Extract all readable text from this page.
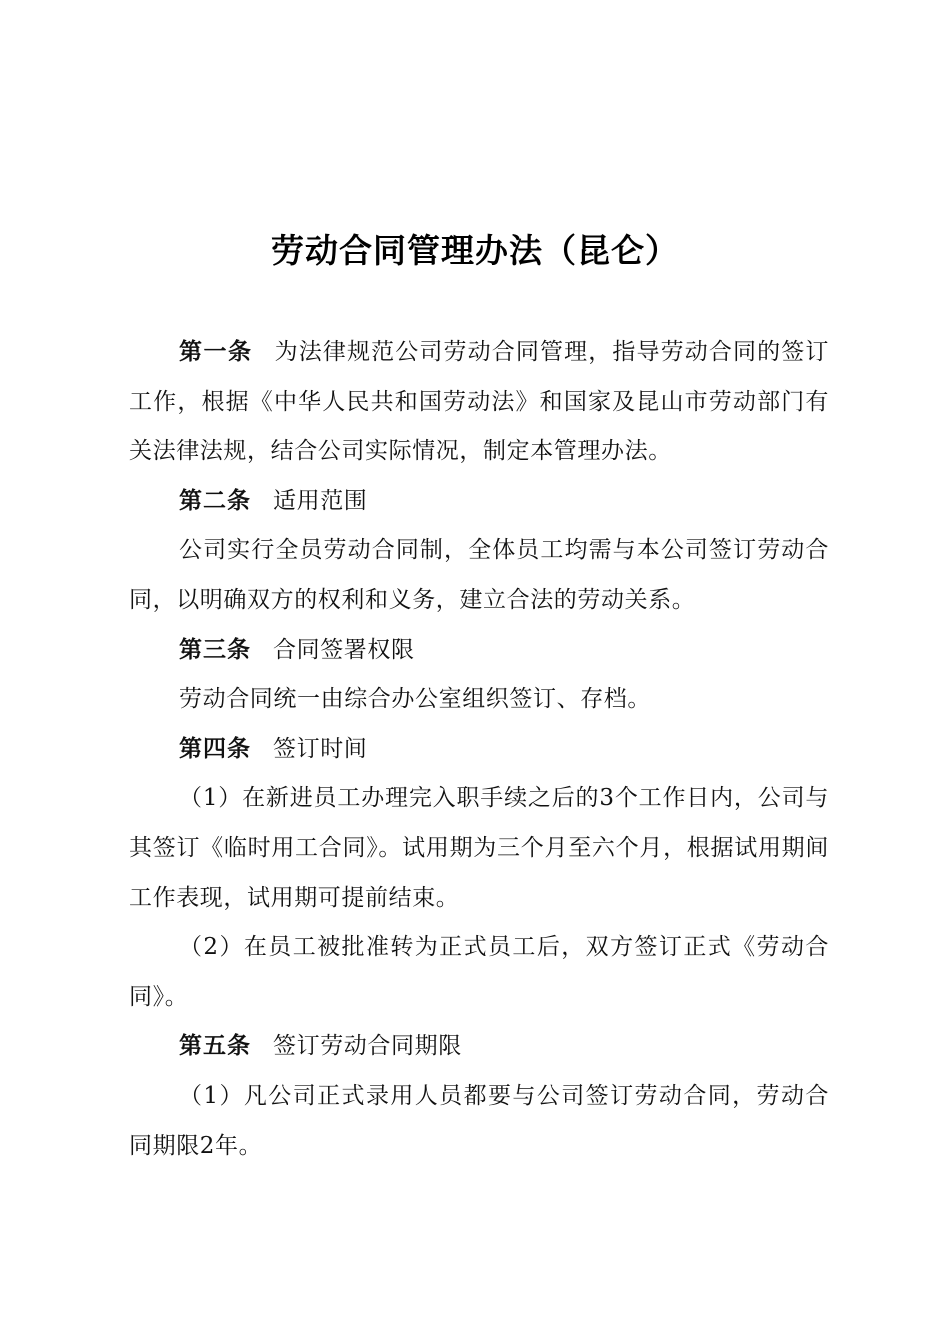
劳动合同管理办法（昆仑）

第一条 为法律规范公司劳动合同管理，指导劳动合同的签订工作，根据《中华人民共和国劳动法》和国家及昆山市劳动部门有关法律法规，结合公司实际情况，制定本管理办法。

第二条 适用范围

公司实行全员劳动合同制，全体员工均需与本公司签订劳动合同，以明确双方的权利和义务，建立合法的劳动关系。

第三条 合同签署权限

劳动合同统一由综合办公室组织签订、存档。

第四条 签订时间

（1）在新进员工办理完入职手续之后的3个工作日内，公司与其签订《临时用工合同》。试用期为三个月至六个月，根据试用期间工作表现，试用期可提前结束。

（2）在员工被批准转为正式员工后，双方签订正式《劳动合同》。

第五条 签订劳动合同期限

（1）凡公司正式录用人员都要与公司签订劳动合同，劳动合同期限2年。
